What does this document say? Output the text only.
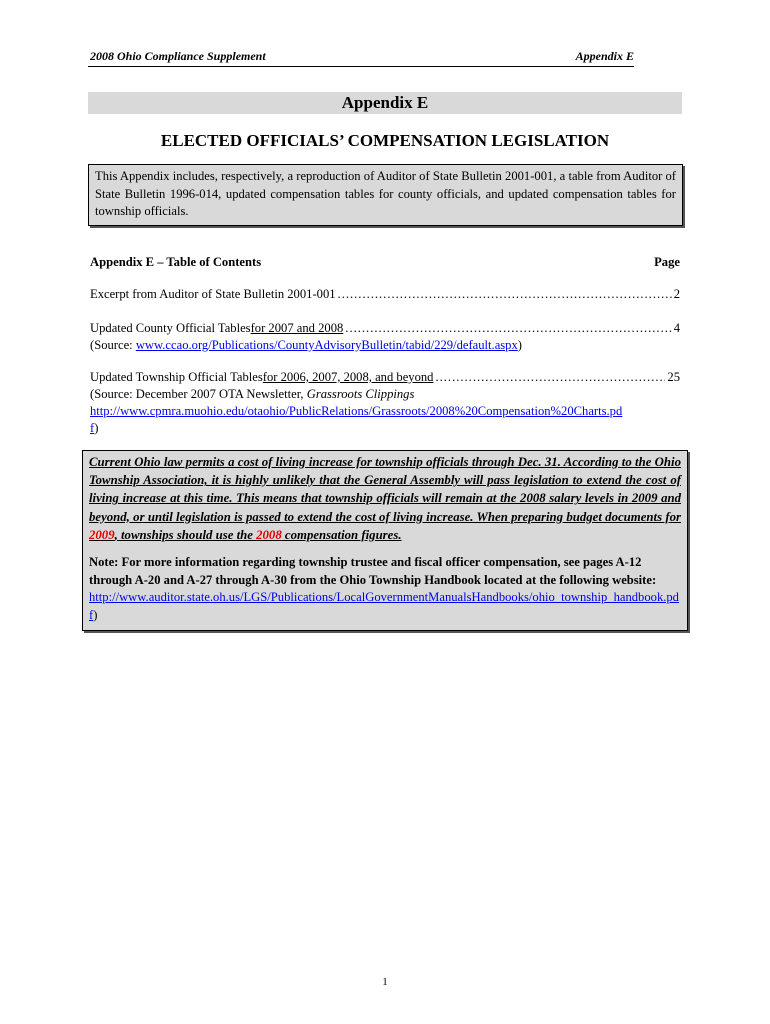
2008 Ohio Compliance Supplement	Appendix E
Appendix E
ELECTED OFFICIALS’ COMPENSATION LEGISLATION
This Appendix includes, respectively, a reproduction of Auditor of State Bulletin 2001-001, a table from Auditor of State Bulletin 1996-014, updated compensation tables for county officials, and updated compensation tables for township officials.
Appendix E – Table of Contents	Page
Excerpt from Auditor of State Bulletin 2001-001 .....	2
Updated County Official Tables for 2007 and 2008 .....	4
(Source: www.ccao.org/Publications/CountyAdvisoryBulletin/tabid/229/default.aspx)
Updated Township Official Tables for 2006, 2007, 2008, and beyond .....	25
(Source: December 2007 OTA Newsletter, Grassroots Clippings
http://www.cpmra.muohio.edu/otaohio/PublicRelations/Grassroots/2008%20Compensation%20Charts.pd
f)
Current Ohio law permits a cost of living increase for township officials through Dec. 31. According to the Ohio Township Association, it is highly unlikely that the General Assembly will pass legislation to extend the cost of living increase at this time. This means that township officials will remain at the 2008 salary levels in 2009 and beyond, or until legislation is passed to extend the cost of living increase. When preparing budget documents for 2009, townships should use the 2008 compensation figures.
Note: For more information regarding township trustee and fiscal officer compensation, see pages A-12 through A-20 and A-27 through A-30 from the Ohio Township Handbook located at the following website:
http://www.auditor.state.oh.us/LGS/Publications/LocalGovernmentManualsHandbooks/ohio_township_handbook.pdf)
1
